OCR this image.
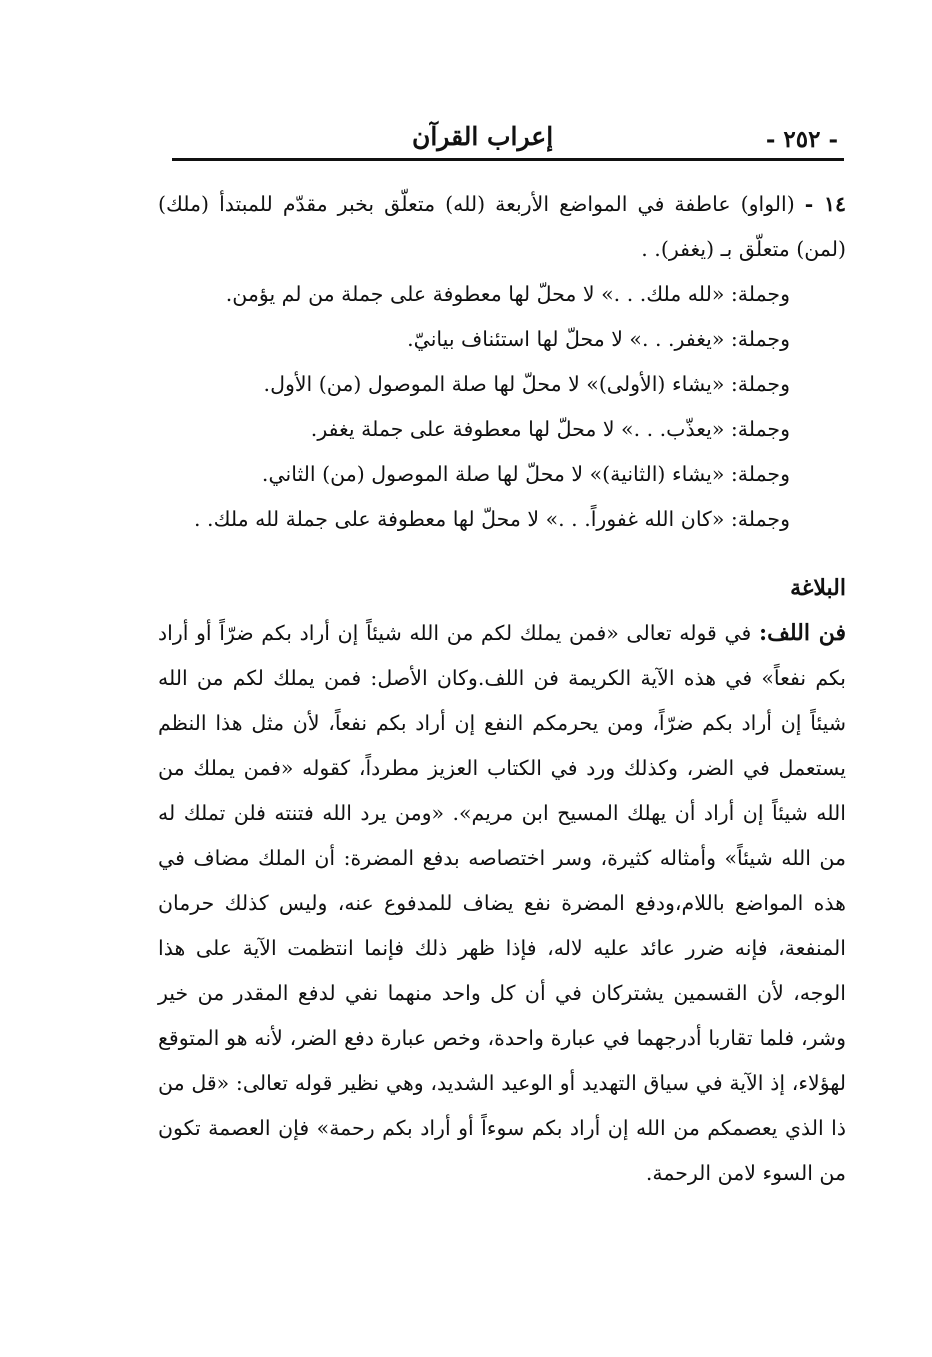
- ٢٥٢ -
إعراب القرآن

١٤ - (الواو) عاطفة في المواضع الأربعة (لله) متعلّق بخبر مقدّم للمبتدأ (ملك) (لمن) متعلّق بـ (يغفر). .

وجملة: «لله ملك. . .» لا محلّ لها معطوفة على جملة من لم يؤمن.
وجملة: «يغفر. . .» لا محلّ لها استئناف بيانيّ.
وجملة: «يشاء (الأولى)» لا محلّ لها صلة الموصول (من) الأول.
وجملة: «يعذّب. . .» لا محلّ لها معطوفة على جملة يغفر.
وجملة: «يشاء (الثانية)» لا محلّ لها صلة الموصول (من) الثاني.
وجملة: «كان الله غفوراً. . .» لا محلّ لها معطوفة على جملة لله ملك. .
البلاغة

فن اللف: في قوله تعالى «فمن يملك لكم من الله شيئاً إن أراد بكم ضرّاً أو أراد بكم نفعاً» في هذه الآية الكريمة فن اللف.وكان الأصل: فمن يملك لكم من الله شيئاً إن أراد بكم ضرّاً، ومن يحرمكم النفع إن أراد بكم نفعاً، لأن مثل هذا النظم يستعمل في الضر، وكذلك ورد في الكتاب العزيز مطرداً، كقوله «فمن يملك من الله شيئاً إن أراد أن يهلك المسيح ابن مريم». «ومن يرد الله فتنته فلن تملك له من الله شيئاً» وأمثاله كثيرة، وسر اختصاصه بدفع المضرة: أن الملك مضاف في هذه المواضع باللام،ودفع المضرة نفع يضاف للمدفوع عنه، وليس كذلك حرمان المنفعة، فإنه ضرر عائد عليه لاله، فإذا ظهر ذلك فإنما انتظمت الآية على هذا الوجه، لأن القسمين يشتركان في أن كل واحد منهما نفي لدفع المقدر من خير وشر، فلما تقاربا أدرجهما في عبارة واحدة، وخص عبارة دفع الضر، لأنه هو المتوقع لهؤلاء، إذ الآية في سياق التهديد أو الوعيد الشديد، وهي نظير قوله تعالى: «قل من ذا الذي يعصمكم من الله إن أراد بكم سوءاً أو أراد بكم رحمة» فإن العصمة تكون من السوء لامن الرحمة.
